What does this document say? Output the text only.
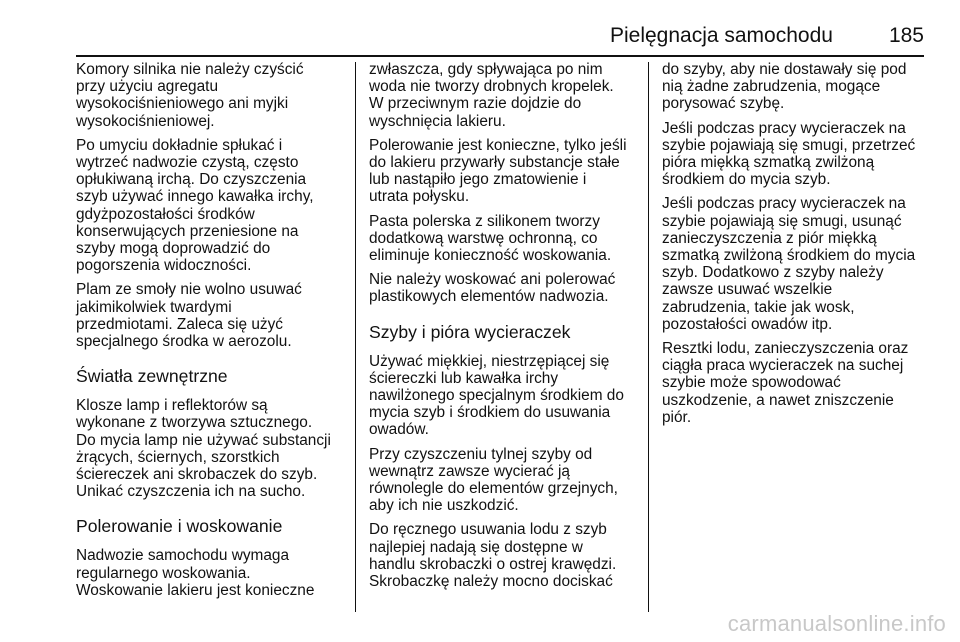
Pielęgnacja samochodu	185
Komory silnika nie należy czyścić
przy użyciu agregatu
wysokociśnieniowego ani myjki
wysokociśnieniowej.
Po umyciu dokładnie spłukać i
wytrzeć nadwozie czystą, często
opłukiwaną irchą. Do czyszczenia
szyb używać innego kawałka irchy,
gdyżpozostałości środków
konserwujących przeniesione na
szyby mogą doprowadzić do
pogorszenia widoczności.
Plam ze smoły nie wolno usuwać
jakimikolwiek twardymi
przedmiotami. Zaleca się użyć
specjalnego środka w aerozolu.
Światła zewnętrzne
Klosze lamp i reflektorów są
wykonane z tworzywa sztucznego.
Do mycia lamp nie używać substancji
żrących, ściernych, szorstkich
ściereczek ani skrobaczek do szyb.
Unikać czyszczenia ich na sucho.
Polerowanie i woskowanie
Nadwozie samochodu wymaga
regularnego woskowania.
Woskowanie lakieru jest konieczne
zwłaszcza, gdy spływająca po nim
woda nie tworzy drobnych kropelek.
W przeciwnym razie dojdzie do
wyschnięcia lakieru.
Polerowanie jest konieczne, tylko jeśli
do lakieru przywarły substancje stałe
lub nastąpiło jego zmatowienie i
utrata połysku.
Pasta polerska z silikonem tworzy
dodatkową warstwę ochronną, co
eliminuje konieczność woskowania.
Nie należy woskować ani polerować
plastikowych elementów nadwozia.
Szyby i pióra wycieraczek
Używać miękkiej, niestrzępiącej się
ściereczki lub kawałka irchy
nawilżonego specjalnym środkiem do
mycia szyb i środkiem do usuwania
owadów.
Przy czyszczeniu tylnej szyby od
wewnątrz zawsze wycierać ją
równolegle do elementów grzejnych,
aby ich nie uszkodzić.
Do ręcznego usuwania lodu z szyb
najlepiej nadają się dostępne w
handlu skrobaczki o ostrej krawędzi.
Skrobaczkę należy mocno dociskać
do szyby, aby nie dostawały się pod
nią żadne zabrudzenia, mogące
porysować szybę.
Jeśli podczas pracy wycieraczek na
szybie pojawiają się smugi, przetrzeć
pióra miękką szmatką zwilżoną
środkiem do mycia szyb.
Jeśli podczas pracy wycieraczek na
szybie pojawiają się smugi, usunąć
zanieczyszczenia z piór miękką
szmatką zwilżoną środkiem do mycia
szyb. Dodatkowo z szyby należy
zawsze usuwać wszelkie
zabrudzenia, takie jak wosk,
pozostałości owadów itp.
Resztki lodu, zanieczyszczenia oraz
ciągła praca wycieraczek na suchej
szybie może spowodować
uszkodzenie, a nawet zniszczenie
piór.
carmanualsonline.info
